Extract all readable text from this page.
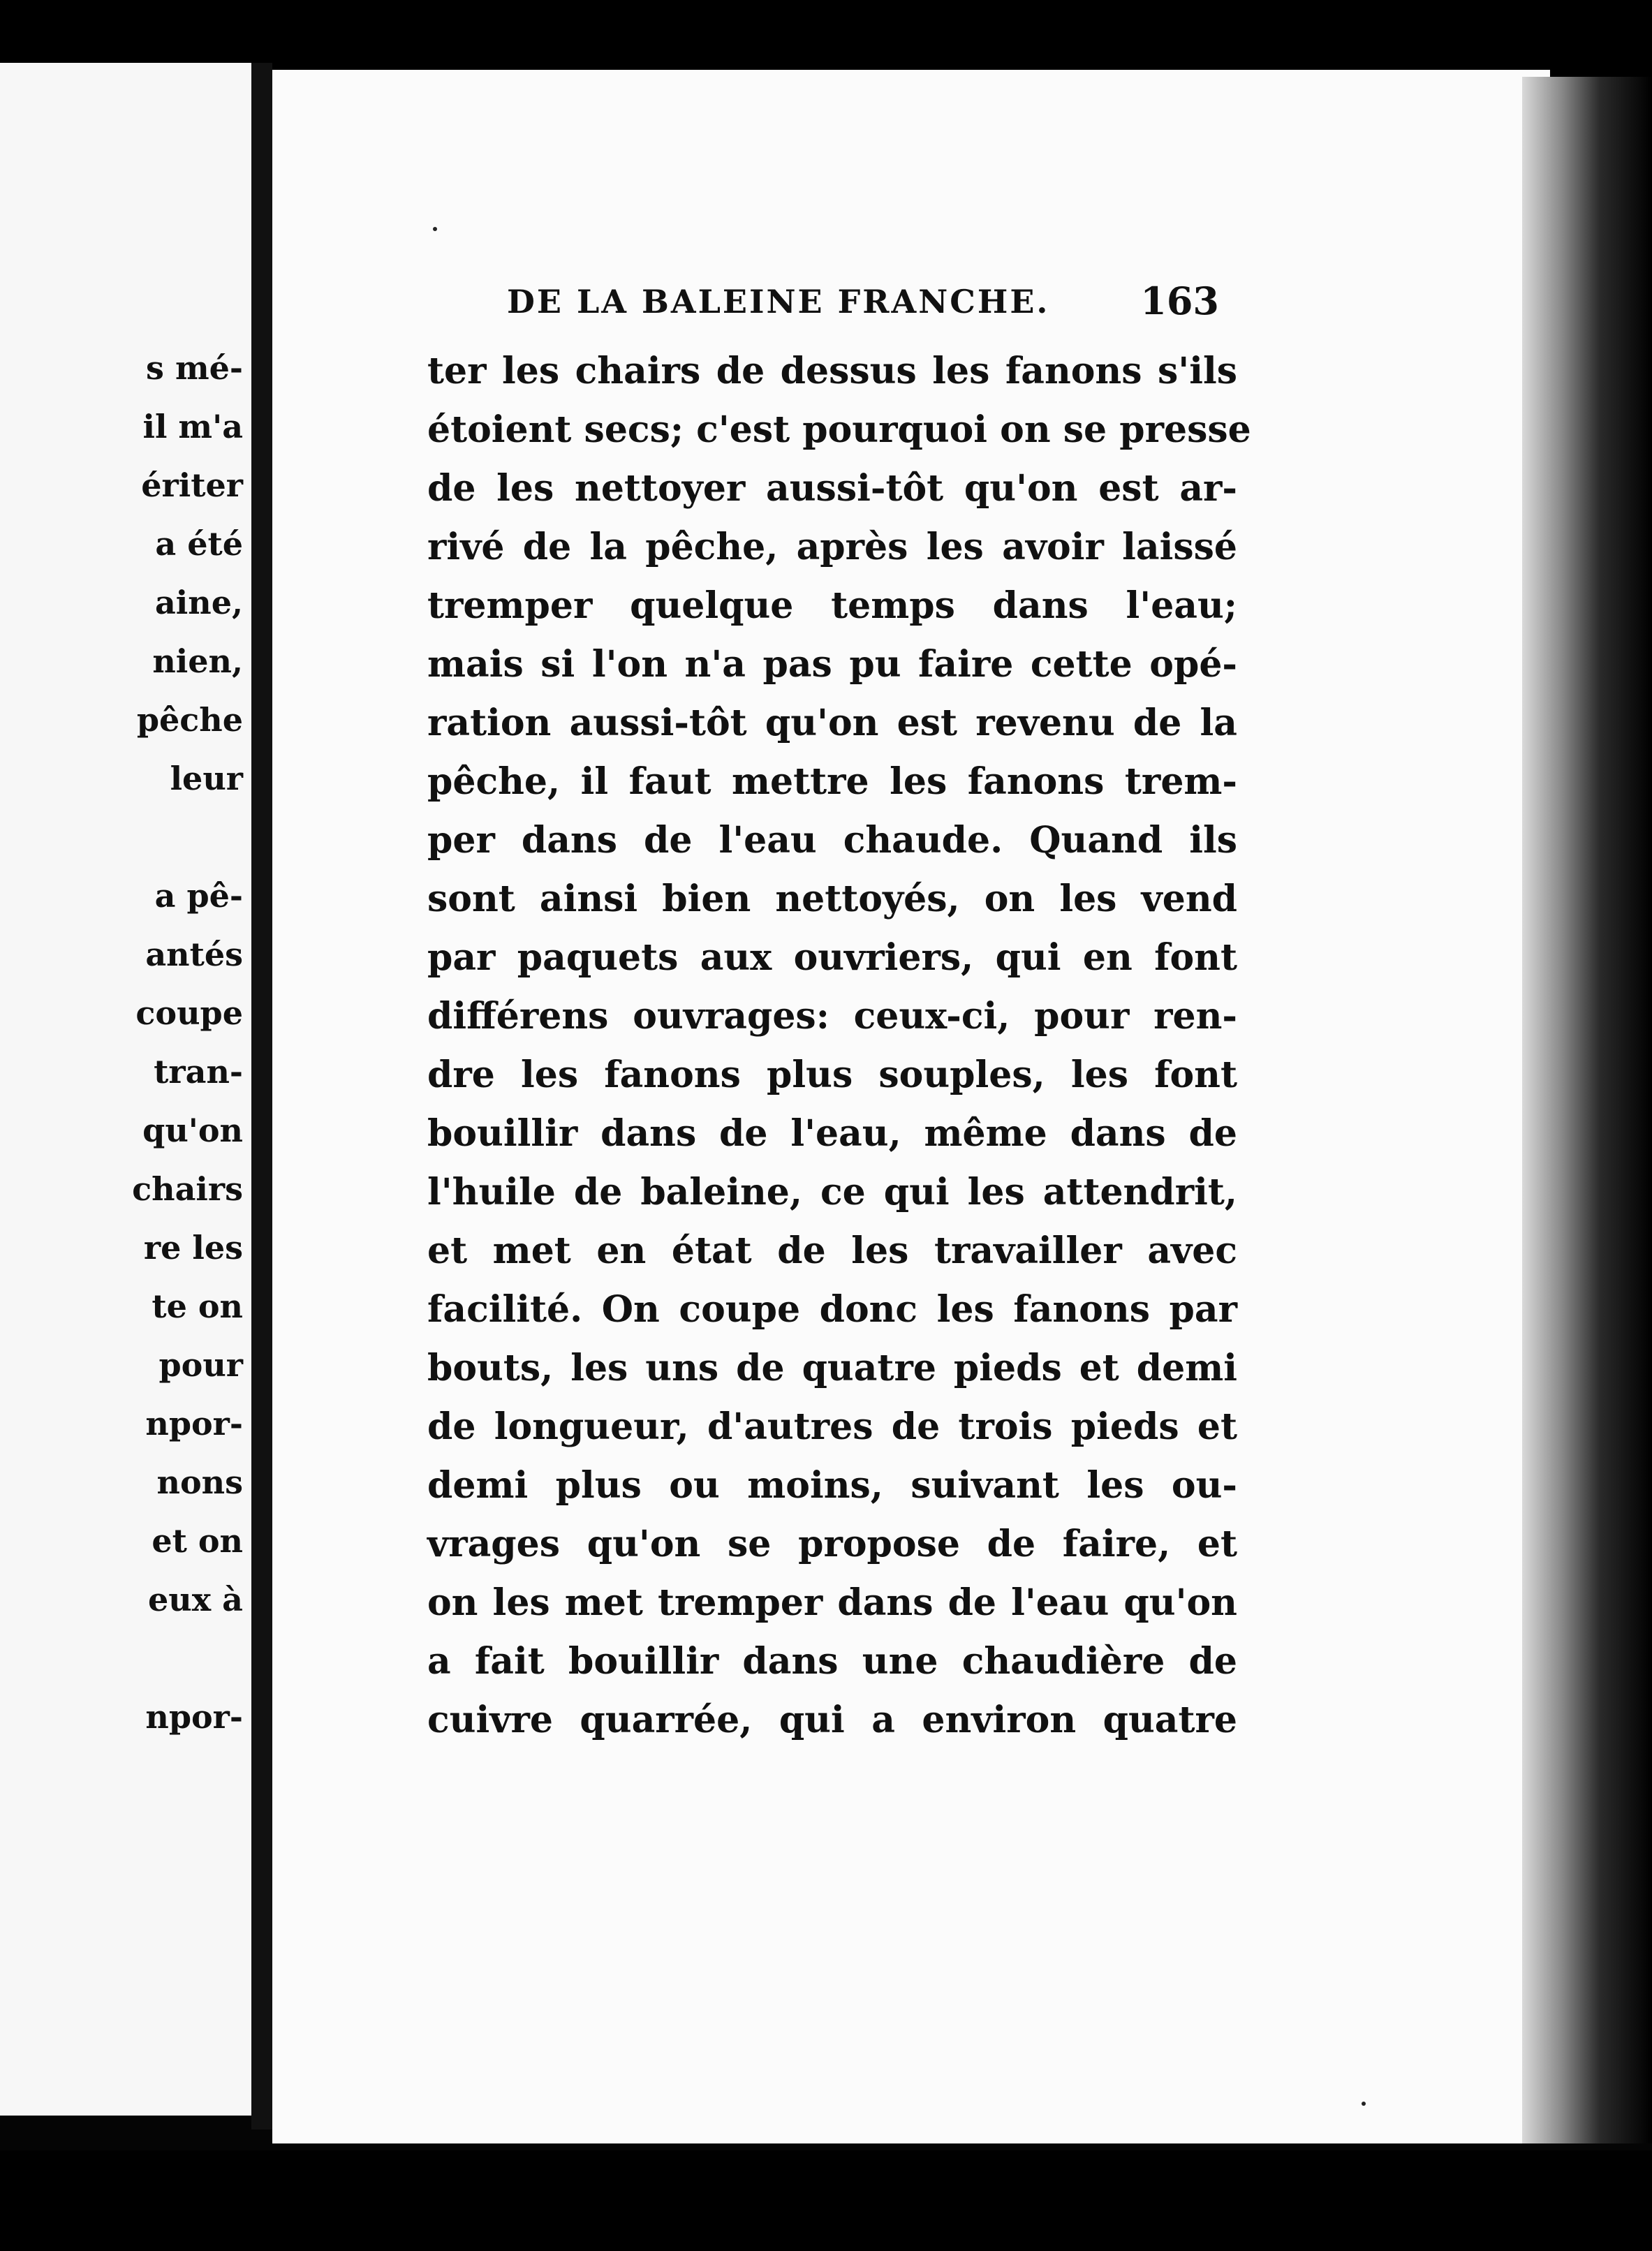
s mé-
il m'a
ériter
a été
aine,
nien,
pêche
leur
a pê-
antés
coupe
tran-
qu'on
chairs
re les
te on
pour
npor-
nons
et on
eux à
npor-
DE LA BALEINE FRANCHE. 163
ter les chairs de dessus les fanons s'ils
étoient secs; c'est pourquoi on se presse
de les nettoyer aussi-tôt qu'on est ar-
rivé de la pêche, après les avoir laissé
tremper quelque temps dans l'eau;
mais si l'on n'a pas pu faire cette opé-
ration aussi-tôt qu'on est revenu de la
pêche, il faut mettre les fanons trem-
per dans de l'eau chaude. Quand ils
sont ainsi bien nettoyés, on les vend
par paquets aux ouvriers, qui en font
différens ouvrages: ceux-ci, pour ren-
dre les fanons plus souples, les font
bouillir dans de l'eau, même dans de
l'huile de baleine, ce qui les attendrit,
et met en état de les travailler avec
facilité. On coupe donc les fanons par
bouts, les uns de quatre pieds et demi
de longueur, d'autres de trois pieds et
demi plus ou moins, suivant les ou-
vrages qu'on se propose de faire, et
on les met tremper dans de l'eau qu'on
a fait bouillir dans une chaudière de
cuivre quarrée, qui a environ quatre
